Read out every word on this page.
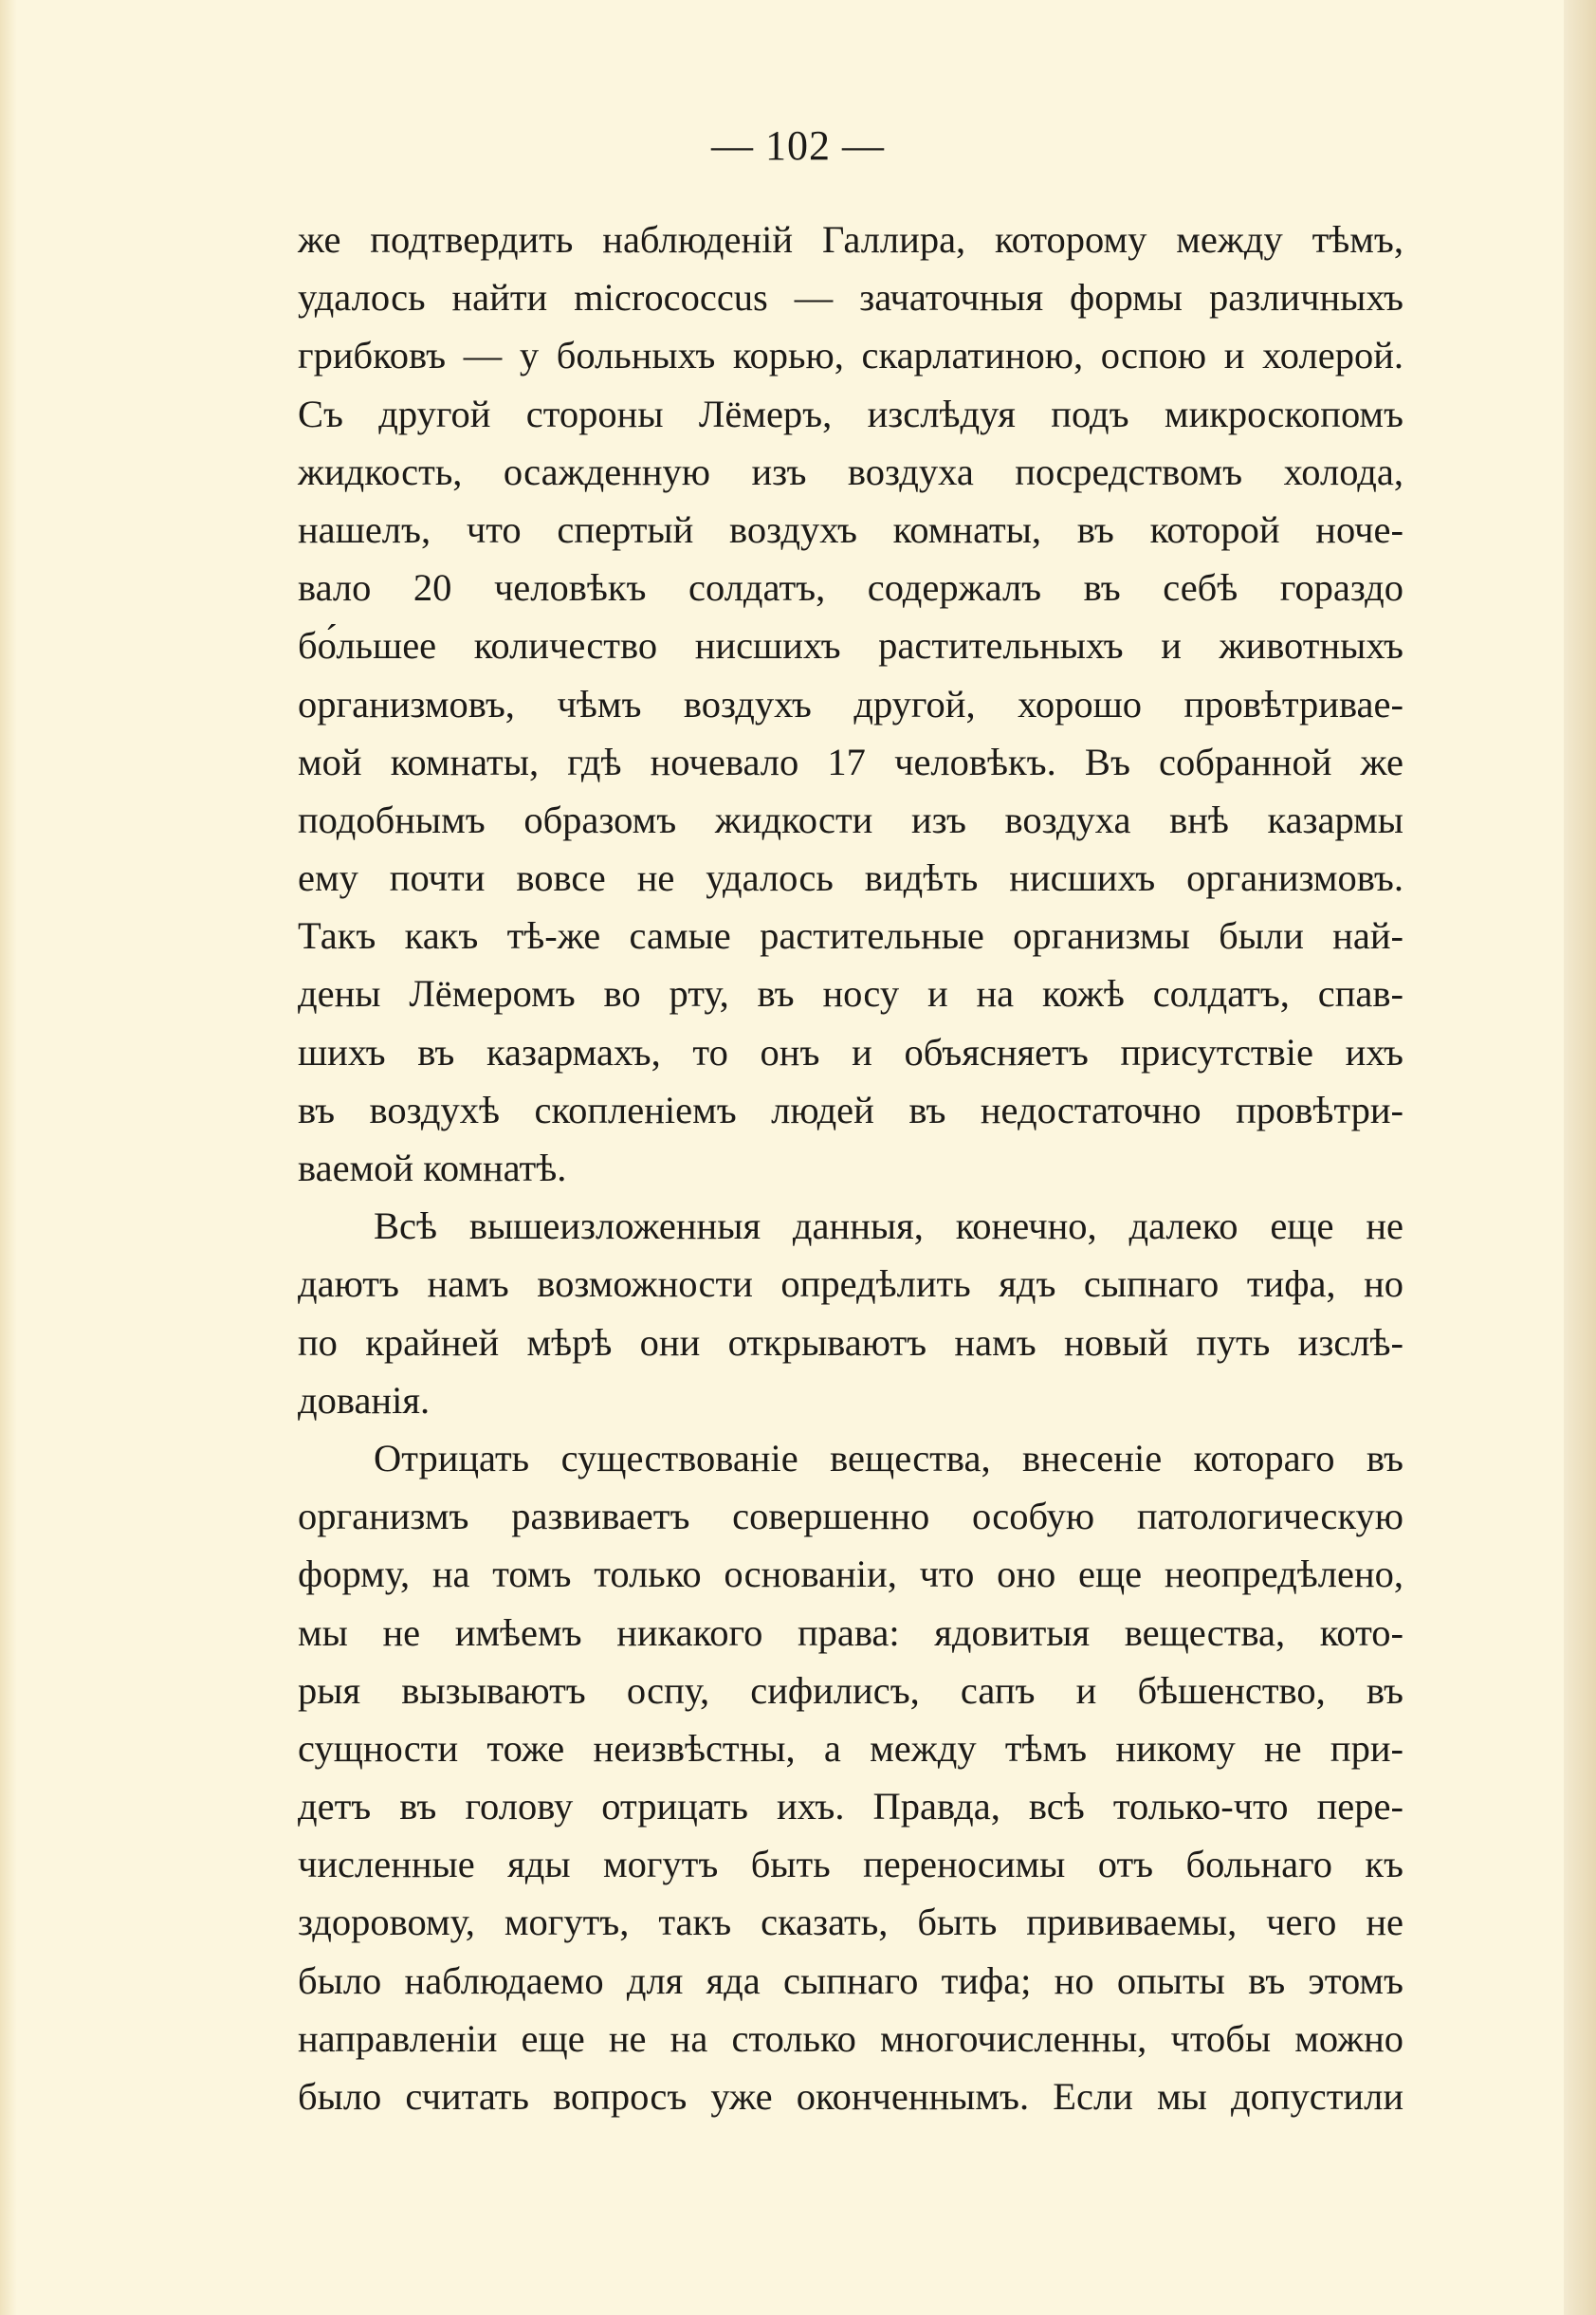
— 102 —
же подтвердить наблюденій Галлира, которому между тѣмъ,
удалось найти micrococcus — зачаточныя формы различныхъ
грибковъ — у больныхъ корью, скарлатиною, оспою и холерой.
Съ другой стороны Лёмеръ, изслѣдуя подъ микроскопомъ
жидкость, осажденную изъ воздуха посредствомъ холода,
нашелъ, что спертый воздухъ комнаты, въ которой ноче-
вало 20 человѣкъ солдатъ, содержалъ въ себѣ гораздо
бо́льшее количество нисшихъ растительныхъ и животныхъ
организмовъ, чѣмъ воздухъ другой, хорошо провѣтривае-
мой комнаты, гдѣ ночевало 17 человѣкъ. Въ собранной же
подобнымъ образомъ жидкости изъ воздуха внѣ казармы
ему почти вовсе не удалось видѣть нисшихъ организмовъ.
Такъ какъ тѣ-же самые растительные организмы были най-
дены Лёмеромъ во рту, въ носу и на кожѣ солдатъ, спав-
шихъ въ казармахъ, то онъ и объясняетъ присутствіе ихъ
въ воздухѣ скопленіемъ людей въ недостаточно провѣтри-
ваемой комнатѣ.
Всѣ вышеизложенныя данныя, конечно, далеко еще не
даютъ намъ возможности опредѣлить ядъ сыпнаго тифа, но
по крайней мѣрѣ они открываютъ намъ новый путь изслѣ-
дованія.
Отрицать существованіе вещества, внесеніе котораго въ
организмъ развиваетъ совершенно особую патологическую
форму, на томъ только основаніи, что оно еще неопредѣлено,
мы не имѣемъ никакого права: ядовитыя вещества, кото-
рыя вызываютъ оспу, сифилисъ, сапъ и бѣшенство, въ
сущности тоже неизвѣстны, а между тѣмъ никому не при-
детъ въ голову отрицать ихъ. Правда, всѣ только-что пере-
численные яды могутъ быть переносимы отъ больнаго къ
здоровому, могутъ, такъ сказать, быть прививаемы, чего не
было наблюдаемо для яда сыпнаго тифа; но опыты въ этомъ
направленіи еще не на столько многочисленны, чтобы можно
было считать вопросъ уже оконченнымъ. Если мы допустили
